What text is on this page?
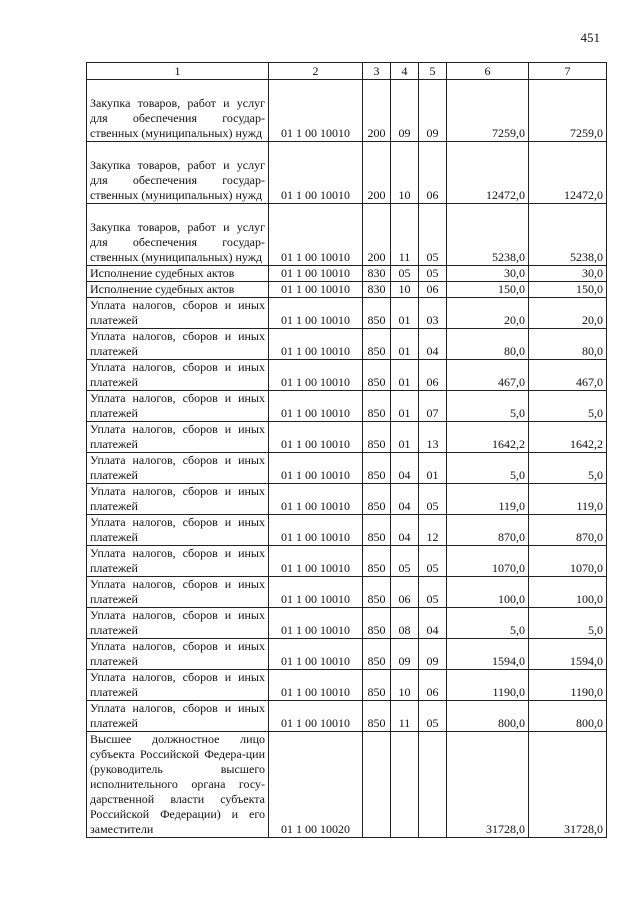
451
1	2	3	4	5	6	7
Закупка товаров, работ и услуг для обеспечения государ-ственных (муниципальных) нужд	01 1 00 10010	200	09	09	7259,0	7259,0
Закупка товаров, работ и услуг для обеспечения государ-ственных (муниципальных) нужд	01 1 00 10010	200	10	06	12472,0	12472,0
Закупка товаров, работ и услуг для обеспечения государ-ственных (муниципальных) нужд	01 1 00 10010	200	11	05	5238,0	5238,0
Исполнение судебных актов	01 1 00 10010	830	05	05	30,0	30,0
Исполнение судебных актов	01 1 00 10010	830	10	06	150,0	150,0
Уплата налогов, сборов и иных платежей	01 1 00 10010	850	01	03	20,0	20,0
Уплата налогов, сборов и иных платежей	01 1 00 10010	850	01	04	80,0	80,0
Уплата налогов, сборов и иных платежей	01 1 00 10010	850	01	06	467,0	467,0
Уплата налогов, сборов и иных платежей	01 1 00 10010	850	01	07	5,0	5,0
Уплата налогов, сборов и иных платежей	01 1 00 10010	850	01	13	1642,2	1642,2
Уплата налогов, сборов и иных платежей	01 1 00 10010	850	04	01	5,0	5,0
Уплата налогов, сборов и иных платежей	01 1 00 10010	850	04	05	119,0	119,0
Уплата налогов, сборов и иных платежей	01 1 00 10010	850	04	12	870,0	870,0
Уплата налогов, сборов и иных платежей	01 1 00 10010	850	05	05	1070,0	1070,0
Уплата налогов, сборов и иных платежей	01 1 00 10010	850	06	05	100,0	100,0
Уплата налогов, сборов и иных платежей	01 1 00 10010	850	08	04	5,0	5,0
Уплата налогов, сборов и иных платежей	01 1 00 10010	850	09	09	1594,0	1594,0
Уплата налогов, сборов и иных платежей	01 1 00 10010	850	10	06	1190,0	1190,0
Уплата налогов, сборов и иных платежей	01 1 00 10010	850	11	05	800,0	800,0
Высшее должностное лицо субъекта Российской Федера-ции (руководитель высшего исполнительного органа госу-дарственной власти субъекта Российской Федерации) и его заместители	01 1 00 10020				31728,0	31728,0
